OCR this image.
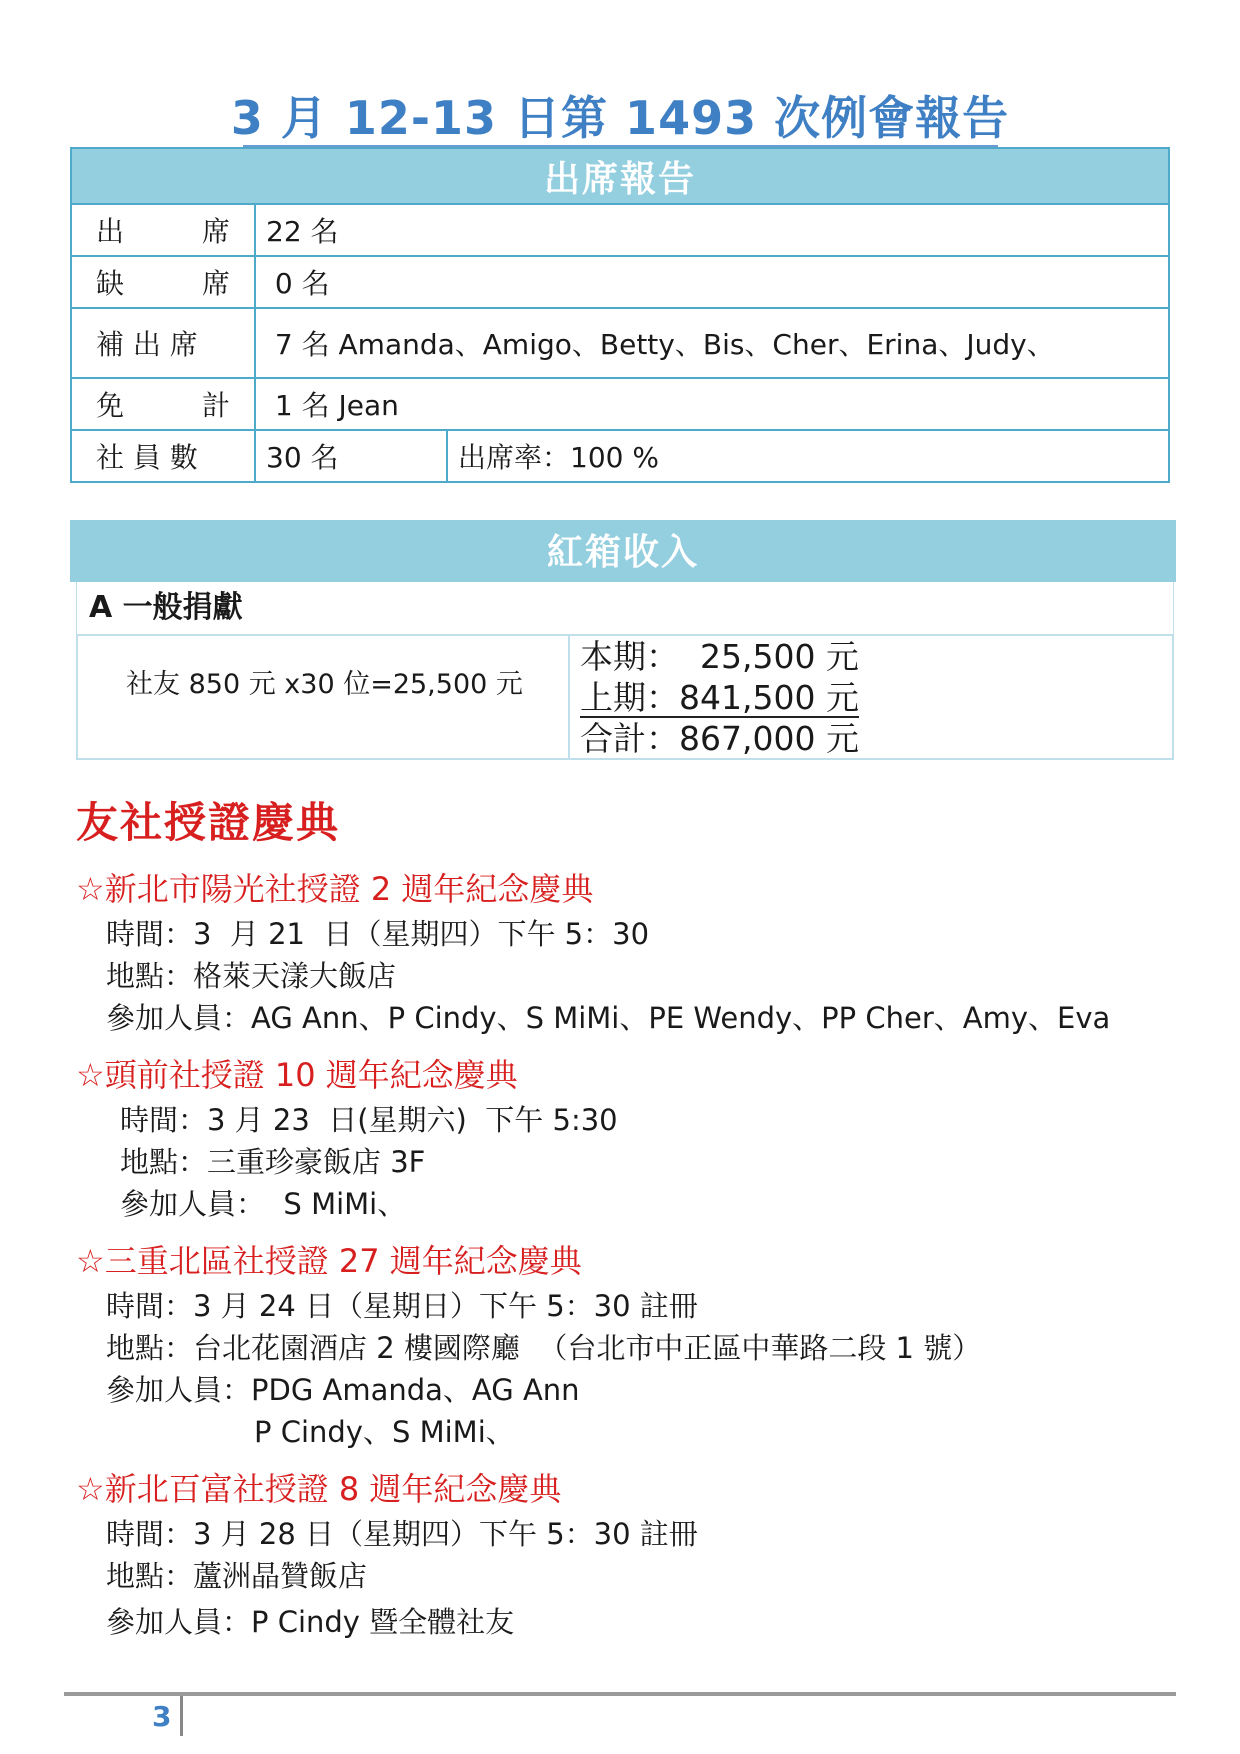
3 月 12-13 日第 1493 次例會報告
出席報告		

出 席	22 名	

缺 席	0 名	
補 出 席	7 名 Amanda、Amigo、Betty、Bis、Cher、Erina、Judy、	

免 計	1 名 Jean	
社 員 數	30 名	出席率：100 %
紅箱收入
A 一般捐獻
社友 850 元 x30 位=25,500 元
本期：  25,500 元
上期：841,500 元
合計：867,000 元
友社授證慶典
☆新北市陽光社授證 2 週年紀念慶典
時間：3  月 21  日（星期四）下午 5：30
地點：格萊天漾大飯店
參加人員：AG Ann、P Cindy、S MiMi、PE Wendy、PP Cher、Amy、Eva
☆頭前社授證 10 週年紀念慶典
時間：3 月 23  日(星期六)  下午 5:30
地點：三重珍豪飯店 3F
參加人員：  S MiMi、
☆三重北區社授證 27 週年紀念慶典
時間：3 月 24 日（星期日）下午 5：30 註冊
地點：台北花園酒店 2 樓國際廳  （台北市中正區中華路二段 1 號）
參加人員：PDG Amanda、AG Ann
P Cindy、S MiMi、
☆新北百富社授證 8 週年紀念慶典
時間：3 月 28 日（星期四）下午 5：30 註冊
地點：蘆洲晶贊飯店
參加人員：P Cindy 暨全體社友
3
